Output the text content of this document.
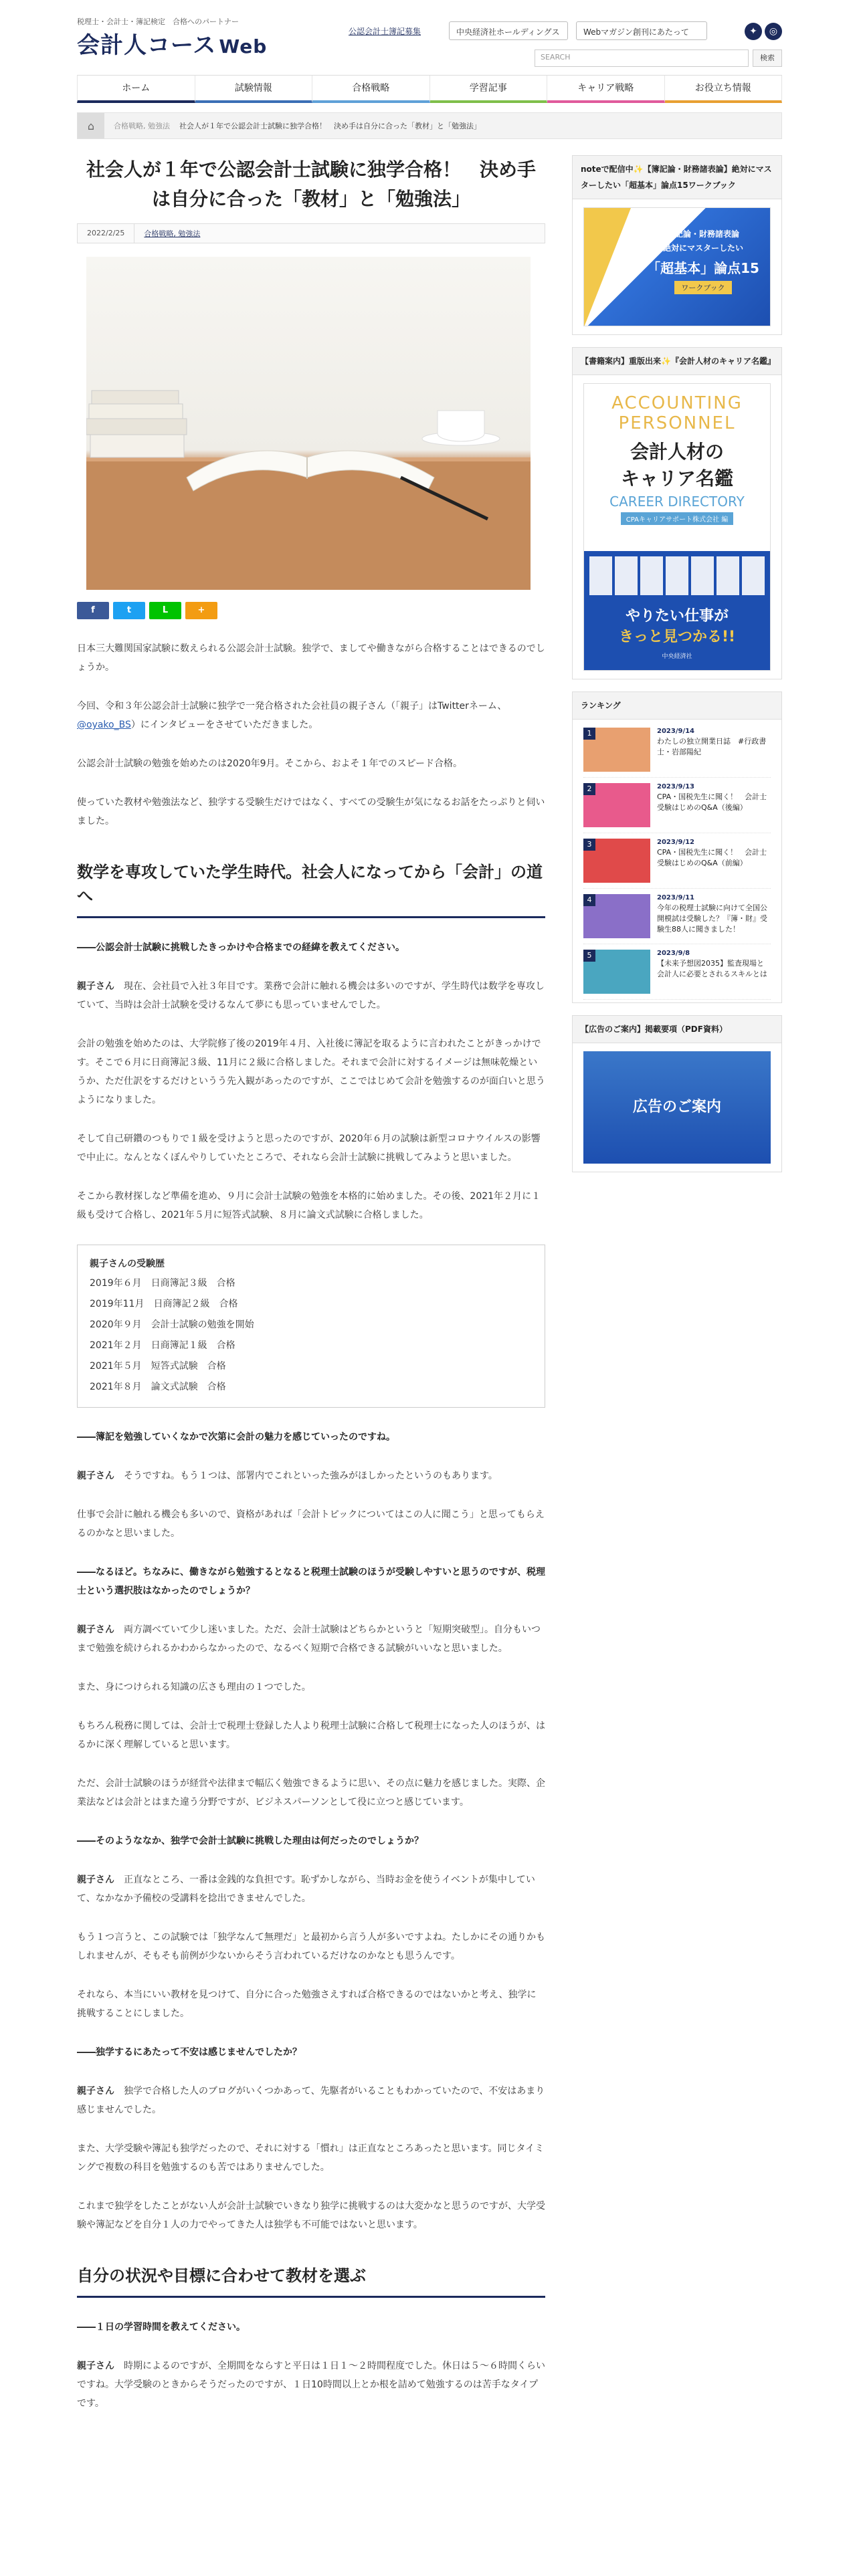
税理士・会計士・簿記検定　合格へのパートナー
会計人コース Web
公認会計士簿記募集	中央経済社ホールディングス	Webマガジン創刊にあたって	✦	◎
SEARCH	検索
ホーム	試験情報	合格戦略	学習記事	キャリア戦略	お役立ち情報
⌂	合格戦略, 勉強法 社会人が１年で公認会計士試験に独学合格！　決め手は自分に合った「教材」と「勉強法」
社会人が１年で公認会計士試験に独学合格！　決め手は自分に合った「教材」と「勉強法」
2022/2/25	合格戦略, 勉強法
f	t	L	+

日本三大難関国家試験に数えられる公認会計士試験。独学で、ましてや働きながら合格することはできるのでしょうか。

今回、令和３年公認会計士試験に独学で一発合格された会社員の親子さん（「親子」はTwitterネーム、@oyako_BS）にインタビューをさせていただきました。

公認会計士試験の勉強を始めたのは2020年9月。そこから、およそ１年でのスピード合格。

使っていた教材や勉強法など、独学する受験生だけではなく、すべての受験生が気になるお話をたっぷりと伺いました。

数学を専攻していた学生時代。社会人になってから「会計」の道へ

――公認会計士試験に挑戦したきっかけや合格までの経緯を教えてください。

親子さん　 現在、会社員で入社３年目です。業務で会計に触れる機会は多いのですが、学生時代は数学を専攻していて、当時は会計士試験を受けるなんて夢にも思っていませんでした。

会計の勉強を始めたのは、大学院修了後の2019年４月、入社後に簿記を取るように言われたことがきっかけです。そこで６月に日商簿記３級、11月に２級に合格しました。それまで会計に対するイメージは無味乾燥というか、ただ仕訳をするだけというう先入観があったのですが、ここではじめて会計を勉強するのが面白いと思うようになりました。

そして自己研鑽のつもりで１級を受けようと思ったのですが、2020年６月の試験は新型コロナウイルスの影響で中止に。なんとなくぼんやりしていたところで、それなら会計士試験に挑戦してみようと思いました。

そこから教材探しなど準備を進め、９月に会計士試験の勉強を本格的に始めました。その後、2021年２月に１級も受けて合格し、2021年５月に短答式試験、８月に論文式試験に合格しました。

親子さんの受験歴
2019年６月　日商簿記３級　合格
2019年11月　日商簿記２級　合格
2020年９月　会計士試験の勉強を開始
2021年２月　日商簿記１級　合格
2021年５月　短答式試験　合格
2021年８月　論文式試験　合格

――簿記を勉強していくなかで次第に会計の魅力を感じていったのですね。

親子さん　 そうですね。もう１つは、部署内でこれといった強みがほしかったというのもあります。

仕事で会計に触れる機会も多いので、資格があれば「会計トピックについてはこの人に聞こう」と思ってもらえるのかなと思いました。

――なるほど。ちなみに、働きながら勉強するとなると税理士試験のほうが受験しやすいと思うのですが、税理士という選択肢はなかったのでしょうか？

親子さん　 両方調べていて少し迷いました。ただ、会計士試験はどちらかというと「短期突破型」。自分もいつまで勉強を続けられるかわからなかったので、なるべく短期で合格できる試験がいいなと思いました。

また、身につけられる知識の広さも理由の１つでした。

もちろん税務に関しては、会計士で税理士登録した人より税理士試験に合格して税理士になった人のほうが、はるかに深く理解していると思います。

ただ、会計士試験のほうが経営や法律まで幅広く勉強できるように思い、その点に魅力を感じました。実際、企業法などは会計とはまた違う分野ですが、ビジネスパーソンとして役に立つと感じています。

――そのようななか、独学で会計士試験に挑戦した理由は何だったのでしょうか？

親子さん　 正直なところ、一番は金銭的な負担です。恥ずかしながら、当時お金を使うイベントが集中していて、なかなか予備校の受講料を捻出できませんでした。

もう１つ言うと、この試験では「独学なんて無理だ」と最初から言う人が多いですよね。たしかにその通りかもしれませんが、そもそも前例が少ないからそう言われているだけなのかなとも思うんです。

それなら、本当にいい教材を見つけて、自分に合った勉強さえすれば合格できるのではないかと考え、独学に挑戦することにしました。

――独学するにあたって不安は感じませんでしたか？

親子さん　 独学で合格した人のブログがいくつかあって、先駆者がいることもわかっていたので、不安はあまり感じませんでした。

また、大学受験や簿記も独学だったので、それに対する「慣れ」は正直なところあったと思います。同じタイミングで複数の科目を勉強するのも苦ではありませんでした。

これまで独学をしたことがない人が会計士試験でいきなり独学に挑戦するのは大変かなと思うのですが、大学受験や簿記などを自分１人の力でやってきた人は独学も不可能ではないと思います。

自分の状況や目標に合わせて教材を選ぶ

――１日の学習時間を教えてください。

親子さん　 時期によるのですが、全期間をならすと平日は１日１～２時間程度でした。休日は５～６時間くらいですね。大学受験のときからそうだったのですが、１日10時間以上とか根を詰めて勉強するのは苦手なタイプです。

noteで配信中✨【簿記論・財務諸表論】絶対にマスターしたい「超基本」論点15ワークブック
簿記論・財務諸表論
絶対にマスターしたい
「超基本」論点15
ワークブック
【書籍案内】重版出来✨『会計人材のキャリア名鑑』
ACCOUNTING
PERSONNEL
会計人材の
キャリア名鑑
CAREER DIRECTORY
CPAキャリアサポート株式会社 編
やりたい仕事が
きっと見つかる!!
中央経済社
ランキング
1	2023/9/14
わたしの独立開業日誌　#行政書士・岩部陽紀
2	2023/9/13
CPA・国税先生に聞く！　会計士受験はじめのQ&A（後編）
3	2023/9/12
CPA・国税先生に聞く！　会計士受験はじめのQ&A（前編）
4	2023/9/11
今年の税理士試験に向けて全国公開模試は受験した？『簿・財』受験生88人に聞きました！
5	2023/9/8
【未来予想図2035】監査現場と会計人に必要とされるスキルとは
【広告のご案内】掲載要項（PDF資料）
広告のご案内
